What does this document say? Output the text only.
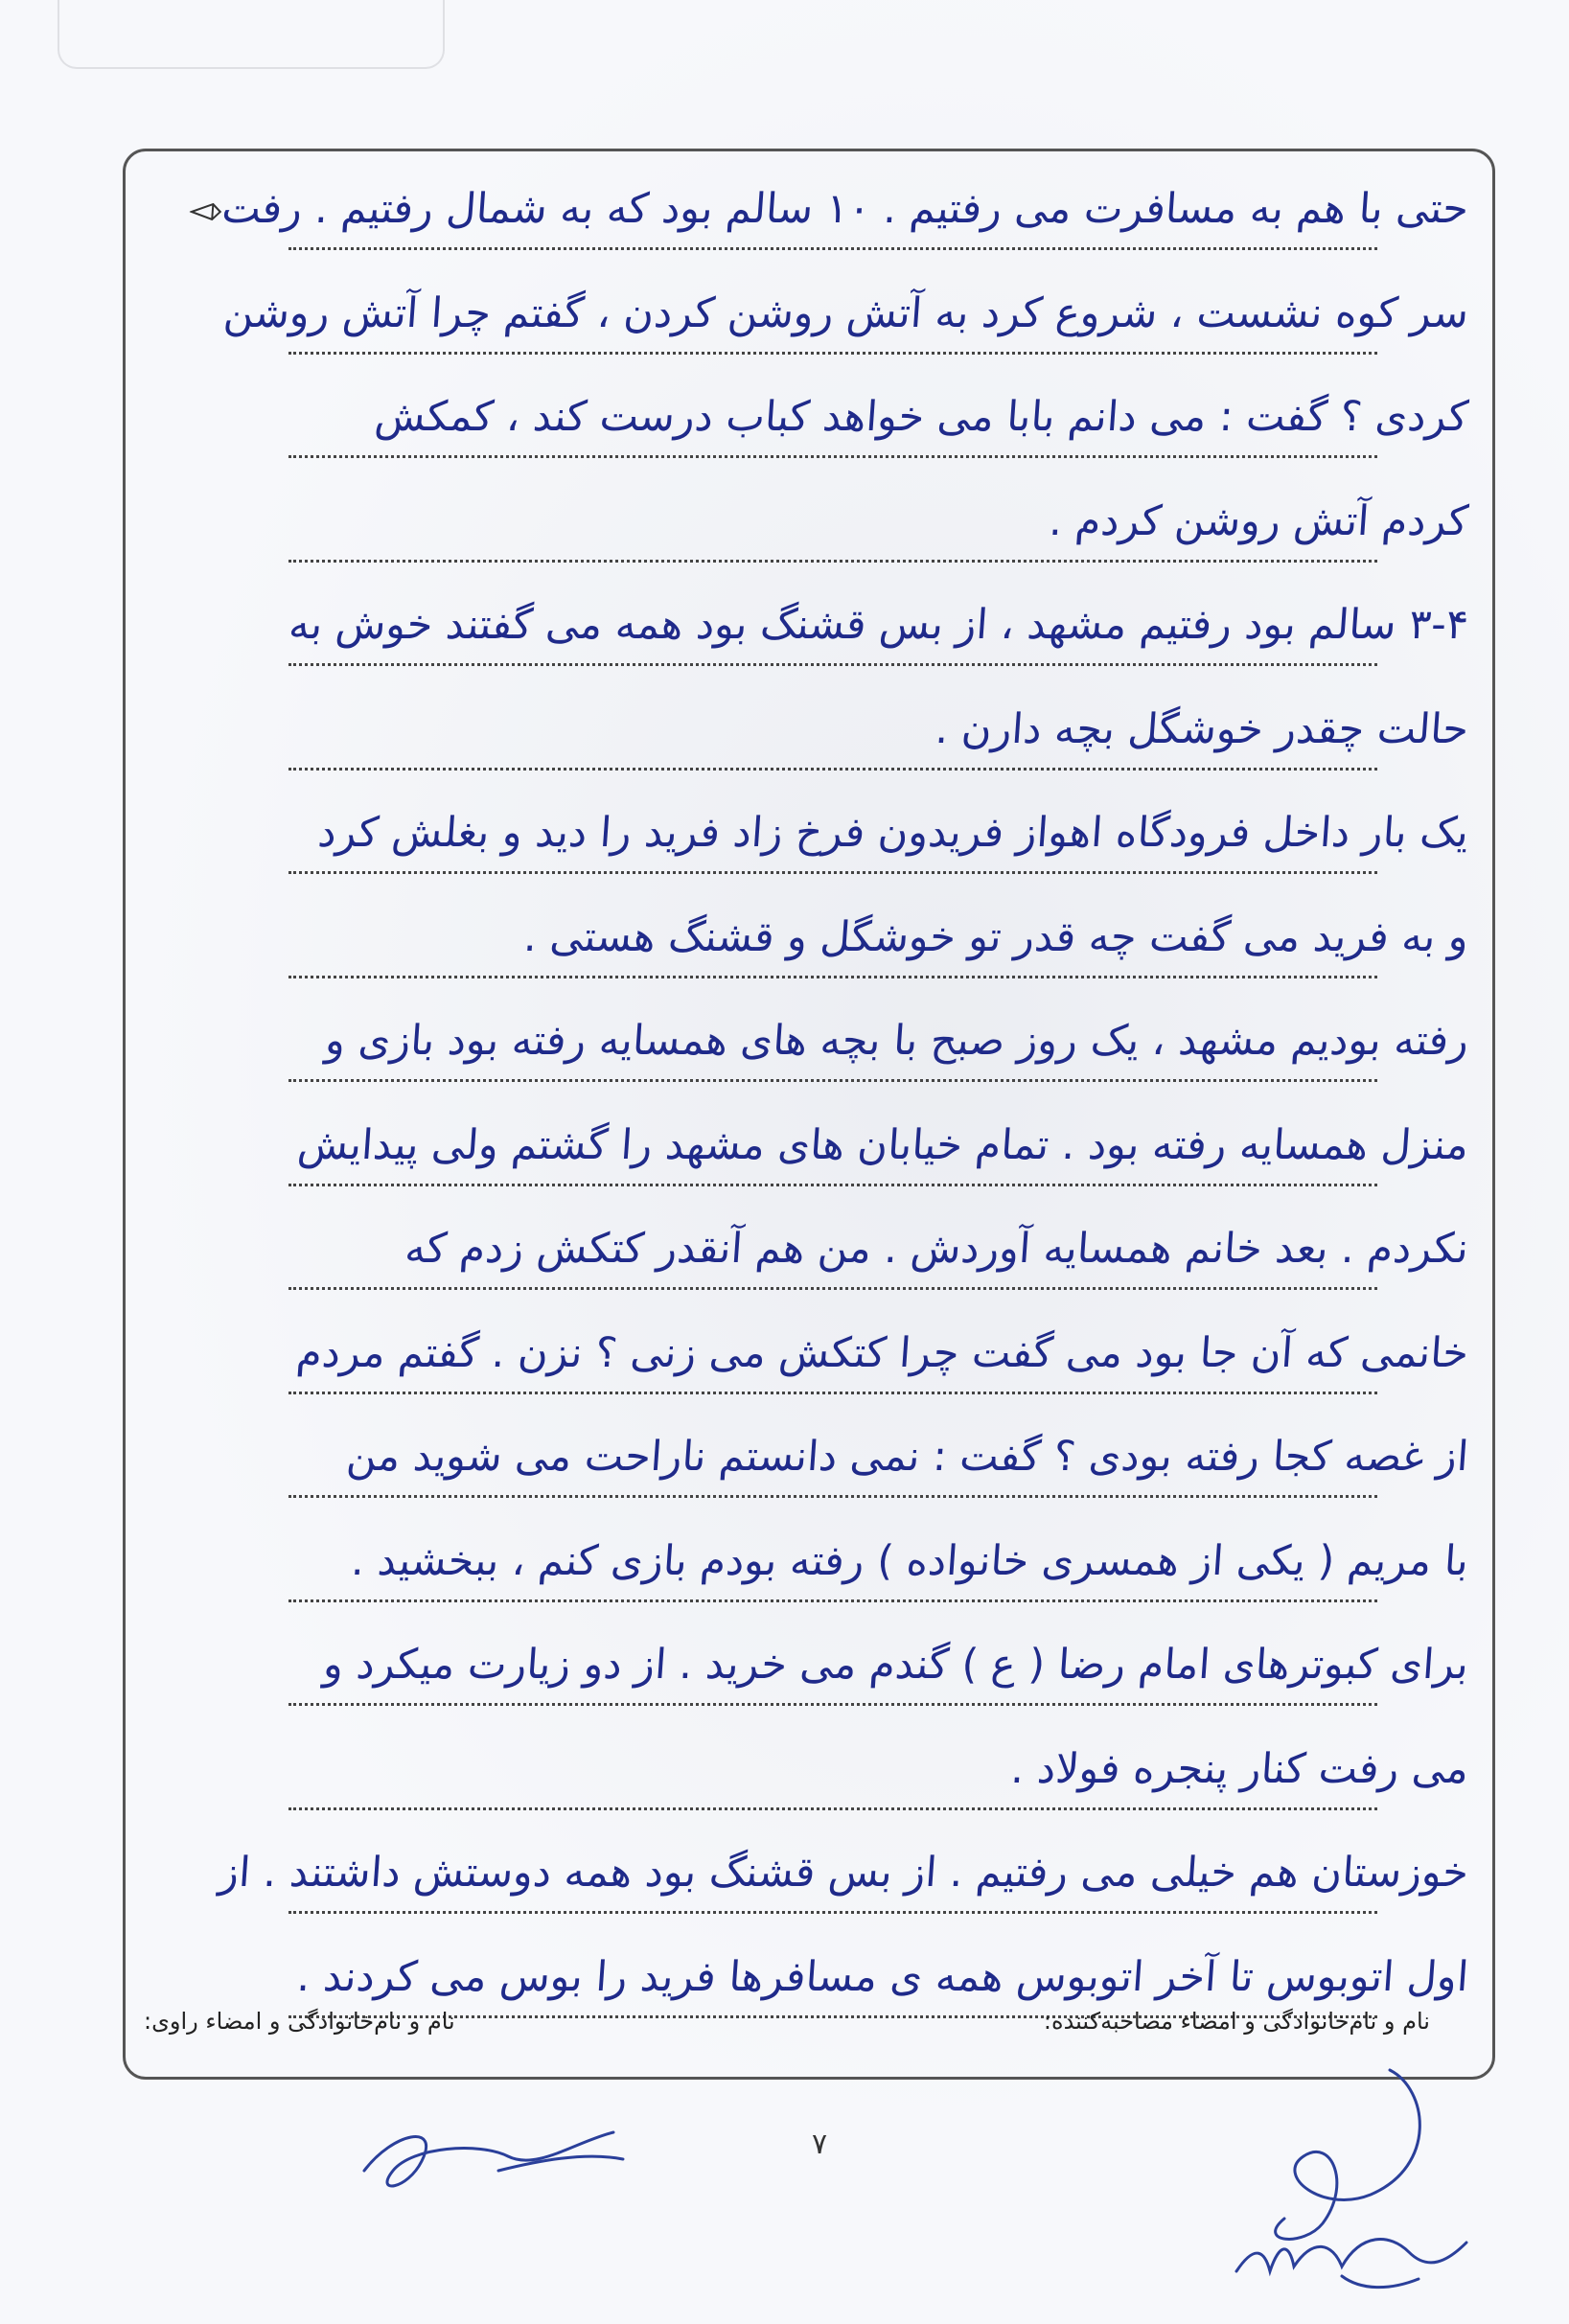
حتی با هم به مسافرت می رفتیم . ۱۰ سالم بود که به شمال رفتیم . رفت
سر کوه نشست ، شروع کرد به آتش روشن کردن ، گفتم چرا آتش روشن
کردی ؟ گفت : می دانم بابا می خواهد کباب درست کند ، کمکش
کردم آتش روشن کردم .
۳-۴ سالم بود رفتیم مشهد ، از بس قشنگ بود همه می گفتند خوش به
حالت چقدر خوشگل بچه دارن .
یک بار داخل فرودگاه اهواز فریدون فرخ زاد فرید را دید و بغلش کرد
و به فرید می گفت چه قدر تو خوشگل و قشنگ هستی .
رفته بودیم مشهد ، یک روز صبح با بچه های همسایه رفته بود بازی و
منزل همسایه رفته بود . تمام خیابان های مشهد را گشتم ولی پیدایش
نکردم . بعد خانم همسایه آوردش . من هم آنقدر کتکش زدم که
خانمی که آن جا بود می گفت چرا کتکش می زنی ؟ نزن . گفتم مردم
از غصه کجا رفته بودی ؟ گفت : نمی دانستم ناراحت می شوید من
با مریم ( یکی از همسری خانواده ) رفته بودم بازی کنم ، ببخشید .
برای کبوترهای امام رضا ( ع ) گندم می خرید . از دو زیارت میکرد و
می رفت کنار پنجره فولاد .
خوزستان هم خیلی می رفتیم . از بس قشنگ بود همه دوستش داشتند . از
اول اتوبوس تا آخر اتوبوس همه ی مسافرها فرید را بوس می کردند .
نام و نام‌خانوادگی و امضاء مصاحبه‌کننده:
نام و نام‌خانوادگی و امضاء راوی:
۷
